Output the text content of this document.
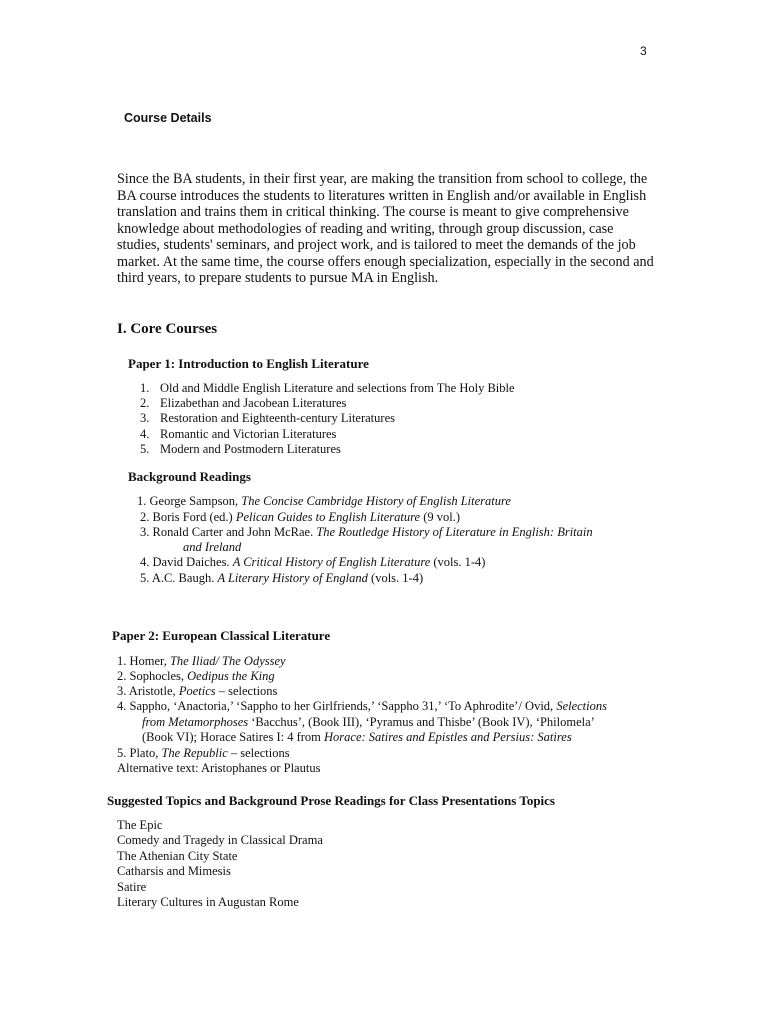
3
Course Details

Since the BA students, in their first year, are making the transition from school to college, the BA course introduces the students to literatures written in English and/or available in English translation and trains them in critical thinking. The course is meant to give comprehensive knowledge about methodologies of reading and writing, through group discussion, case studies, students' seminars, and project work, and is tailored to meet the demands of the job market. At the same time, the course offers enough specialization, especially in the second and third years, to prepare students to pursue MA in English.

I. Core Courses
Paper 1: Introduction to English Literature
1. Old and Middle English Literature and selections from The Holy Bible
2. Elizabethan and Jacobean Literatures
3. Restoration and Eighteenth-century Literatures
4. Romantic and Victorian Literatures
5. Modern and Postmodern Literatures
Background Readings
1. George Sampson, The Concise Cambridge History of English Literature
2. Boris Ford (ed.) Pelican Guides to English Literature (9 vol.)
3. Ronald Carter and John McRae. The Routledge History of Literature in English: Britain
and Ireland
4. David Daiches. A Critical History of English Literature (vols. 1-4)
5. A.C. Baugh. A Literary History of England (vols. 1-4)
Paper 2: European Classical Literature
1. Homer, The Iliad/ The Odyssey
2. Sophocles, Oedipus the King
3. Aristotle, Poetics – selections
4. Sappho, ‘Anactoria,’ ‘Sappho to her Girlfriends,’ ‘Sappho 31,’ ‘To Aphrodite’/ Ovid, Selections
from Metamorphoses ‘Bacchus’, (Book III), ‘Pyramus and Thisbe’ (Book IV), ‘Philomela’
(Book VI); Horace Satires I: 4 from Horace: Satires and Epistles and Persius: Satires
5. Plato, The Republic – selections
Alternative text: Aristophanes or Plautus
Suggested Topics and Background Prose Readings for Class Presentations Topics
The Epic
Comedy and Tragedy in Classical Drama
The Athenian City State
Catharsis and Mimesis
Satire
Literary Cultures in Augustan Rome
